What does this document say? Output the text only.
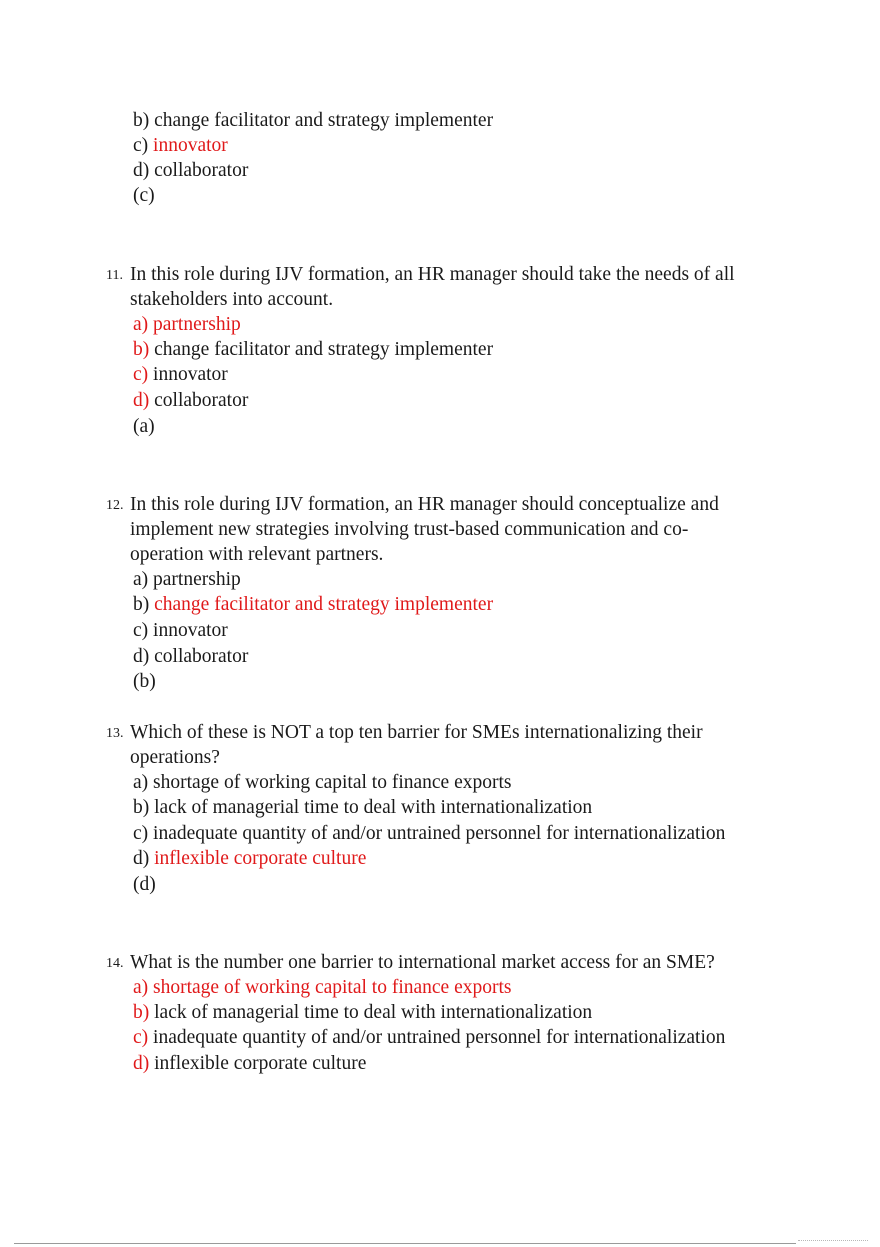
b) change facilitator and strategy implementer
c) innovator
d) collaborator
(c)
11. In this role during IJV formation, an HR manager should take the needs of all
stakeholders into account.
a) partnership
b) change facilitator and strategy implementer
c) innovator
d) collaborator
(a)
12. In this role during IJV formation, an HR manager should conceptualize and
implement new strategies involving trust-based communication and co-
operation with relevant partners.
a) partnership
b) change facilitator and strategy implementer
c) innovator
d) collaborator
(b)
13. Which of these is NOT a top ten barrier for SMEs internationalizing their
operations?
a) shortage of working capital to finance exports
b) lack of managerial time to deal with internationalization
c) inadequate quantity of and/or untrained personnel for internationalization
d) inflexible corporate culture
(d)
14. What is the number one barrier to international market access for an SME?
a) shortage of working capital to finance exports
b) lack of managerial time to deal with internationalization
c) inadequate quantity of and/or untrained personnel for internationalization
d) inflexible corporate culture
